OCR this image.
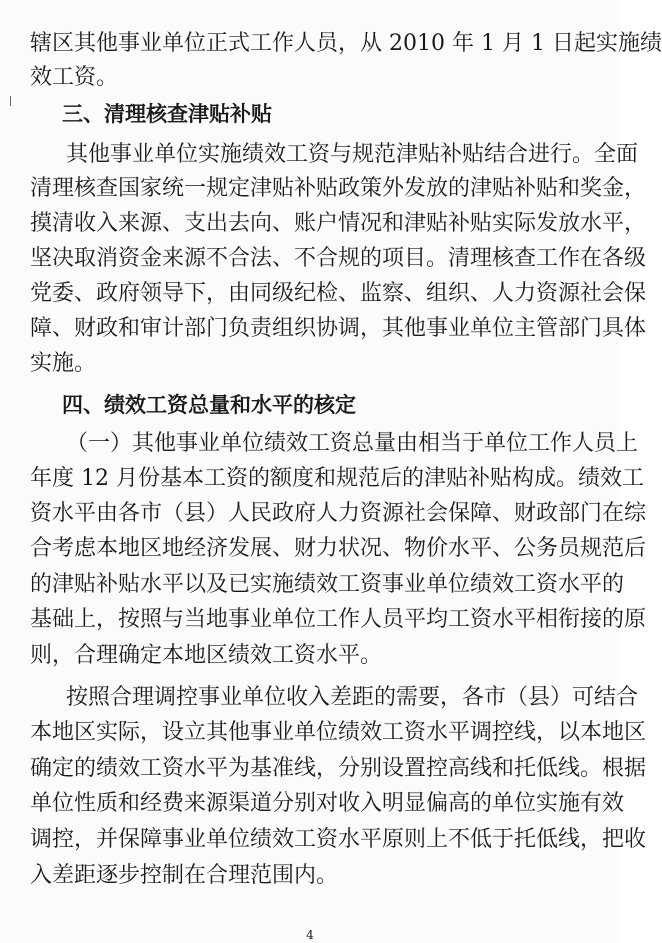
辖区其他事业单位正式工作人员，从 2010 年 1 月 1 日起实施绩
效工资。
三、清理核查津贴补贴
其他事业单位实施绩效工资与规范津贴补贴结合进行。全面
清理核查国家统一规定津贴补贴政策外发放的津贴补贴和奖金，
摸清收入来源、支出去向、账户情况和津贴补贴实际发放水平，
坚决取消资金来源不合法、不合规的项目。清理核查工作在各级
党委、政府领导下，由同级纪检、监察、组织、人力资源社会保
障、财政和审计部门负责组织协调，其他事业单位主管部门具体
实施。
四、绩效工资总量和水平的核定
（一）其他事业单位绩效工资总量由相当于单位工作人员上
年度 12 月份基本工资的额度和规范后的津贴补贴构成。绩效工
资水平由各市（县）人民政府人力资源社会保障、财政部门在综
合考虑本地区地经济发展、财力状况、物价水平、公务员规范后
的津贴补贴水平以及已实施绩效工资事业单位绩效工资水平的
基础上，按照与当地事业单位工作人员平均工资水平相衔接的原
则，合理确定本地区绩效工资水平。
按照合理调控事业单位收入差距的需要，各市（县）可结合
本地区实际，设立其他事业单位绩效工资水平调控线，以本地区
确定的绩效工资水平为基准线，分别设置控高线和托低线。根据
单位性质和经费来源渠道分别对收入明显偏高的单位实施有效
调控，并保障事业单位绩效工资水平原则上不低于托低线，把收
入差距逐步控制在合理范围内。
4
